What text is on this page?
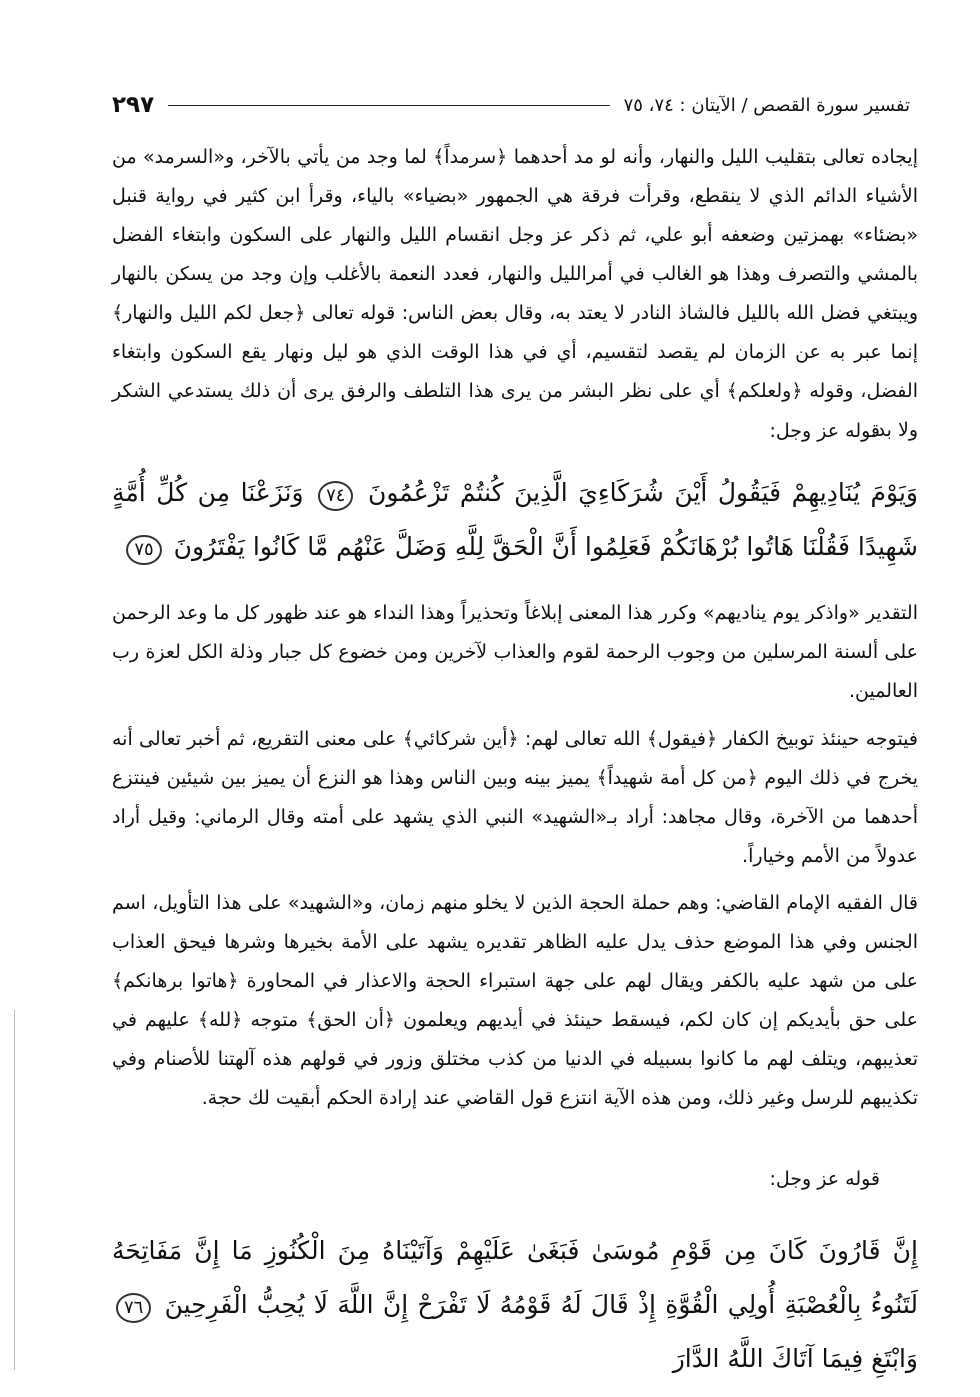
تفسير سورة القصص / الآيتان : ٧٤، ٧٥
٢٩٧
إيجاده تعالى بتقليب الليل والنهار، وأنه لو مد أحدهما ﴿سرمداً﴾ لما وجد من يأتي بالآخر، و«السرمد» من الأشياء الدائم الذي لا ينقطع، وقرأت فرقة هي الجمهور «بضياء» بالياء، وقرأ ابن كثير في رواية قنبل «بضئاء» بهمزتين وضعفه أبو علي، ثم ذكر عز وجل انقسام الليل والنهار على السكون وابتغاء الفضل بالمشي والتصرف وهذا هو الغالب في أمرالليل والنهار، فعدد النعمة بالأغلب وإن وجد من يسكن بالنهار ويبتغي فضل الله بالليل فالشاذ النادر لا يعتد به، وقال بعض الناس: قوله تعالى ﴿جعل لكم الليل والنهار﴾ إنما عبر به عن الزمان لم يقصد لتقسيم، أي في هذا الوقت الذي هو ليل ونهار يقع السكون وابتغاء الفضل، وقوله ﴿ولعلكم﴾ أي على نظر البشر من يرى هذا التلطف والرفق يرى أن ذلك يستدعي الشكر ولا بد.
قوله عز وجل:
وَيَوْمَ يُنَادِيهِمْ فَيَقُولُ أَيْنَ شُرَكَاءِيَ الَّذِينَ كُنتُمْ تَزْعُمُونَ ٧٤ وَنَزَعْنَا مِن كُلِّ أُمَّةٍ شَهِيدًا فَقُلْنَا هَاتُوا بُرْهَانَكُمْ فَعَلِمُوا أَنَّ الْحَقَّ لِلَّهِ وَضَلَّ عَنْهُم مَّا كَانُوا يَفْتَرُونَ ٧٥
التقدير «واذكر يوم يناديهم» وكرر هذا المعنى إبلاغاً وتحذيراً وهذا النداء هو عند ظهور كل ما وعد الرحمن على ألسنة المرسلين من وجوب الرحمة لقوم والعذاب لآخرين ومن خضوع كل جبار وذلة الكل لعزة رب العالمين.
فيتوجه حينئذ توبيخ الكفار ﴿فيقول﴾ الله تعالى لهم: ﴿أين شركائي﴾ على معنى التقريع، ثم أخبر تعالى أنه يخرج في ذلك اليوم ﴿من كل أمة شهيداً﴾ يميز بينه وبين الناس وهذا هو النزع أن يميز بين شيئين فينتزع أحدهما من الآخرة، وقال مجاهد: أراد بـ«الشهيد» النبي الذي يشهد على أمته وقال الرماني: وقيل أراد عدولاً من الأمم وخياراً.
قال الفقيه الإمام القاضي: وهم حملة الحجة الذين لا يخلو منهم زمان، و«الشهيد» على هذا التأويل، اسم الجنس وفي هذا الموضع حذف يدل عليه الظاهر تقديره يشهد على الأمة بخيرها وشرها فيحق العذاب على من شهد عليه بالكفر ويقال لهم على جهة استبراء الحجة والاعذار في المحاورة ﴿هاتوا برهانكم﴾ على حق بأيديكم إن كان لكم، فيسقط حينئذ في أيديهم ويعلمون ﴿أن الحق﴾ متوجه ﴿لله﴾ عليهم في تعذيبهم، ويتلف لهم ما كانوا بسبيله في الدنيا من كذب مختلق وزور في قولهم هذه آلهتنا للأصنام وفي تكذيبهم للرسل وغير ذلك، ومن هذه الآية انتزع قول القاضي عند إرادة الحكم أبقيت لك حجة.
قوله عز وجل:
إِنَّ قَارُونَ كَانَ مِن قَوْمِ مُوسَىٰ فَبَغَىٰ عَلَيْهِمْ وَآتَيْنَاهُ مِنَ الْكُنُوزِ مَا إِنَّ مَفَاتِحَهُ لَتَنُوءُ بِالْعُصْبَةِ أُولِي الْقُوَّةِ إِذْ قَالَ لَهُ قَوْمُهُ لَا تَفْرَحْ إِنَّ اللَّهَ لَا يُحِبُّ الْفَرِحِينَ ٧٦ وَابْتَغِ فِيمَا آتَاكَ اللَّهُ الدَّارَ
